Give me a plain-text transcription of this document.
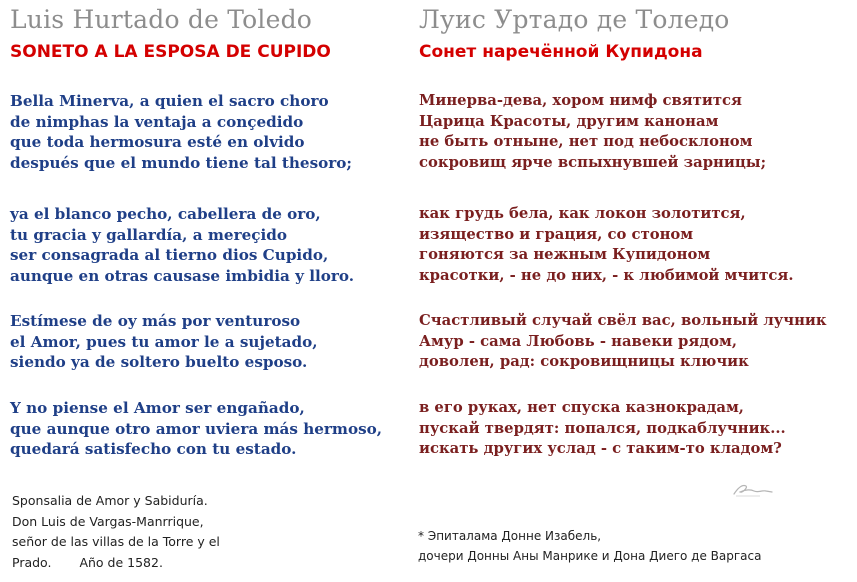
Luis Hurtado de Toledo
SONETO A LA ESPOSA DE CUPIDO
Bella Minerva, a quien el sacro choro
de nimphas la ventaja a conçedido
que toda hermosura esté en olvido
después que el mundo tiene tal thesoro;
ya el blanco pecho, cabellera de oro,
tu gracia y gallardía, a mereçido
ser consagrada al tierno dios Cupido,
aunque en otras causase imbidia y lloro.
Estímese de oy más por venturoso
el Amor, pues tu amor le a sujetado,
siendo ya de soltero buelto esposo.
Y no piense el Amor ser engañado,
que aunque otro amor uviera más hermoso,
quedará satisfecho con tu estado.
Sponsalia de Amor y Sabiduría.
Don Luis de Vargas-Manrrique,
señor de las villas de la Torre y el
Prado. Año de 1582.
Луис Уртадо де Толедо
Сонет наречённой Купидона
Минерва-дева, хором нимф святится
Царица Красоты, другим канонам
не быть отныне, нет под небосклоном
сокровищ ярче вспыхнувшей зарницы;
как грудь бела, как локон золотится,
изящество и грация, со стоном
гоняются за нежным Купидоном
красотки, - не до них, - к любимой мчится.
Счастливый случай свёл вас, вольный лучник
Амур - сама Любовь - навеки рядом,
доволен, рад: сокровищницы ключик
в его руках, нет спуска казнокрадам,
пускай твердят: попался, подкаблучник...
искать других услад - с таким-то кладом?
* Эпиталама Донне Изабель,
дочери Донны Аны Манрике и Дона Диего де Варгаса
